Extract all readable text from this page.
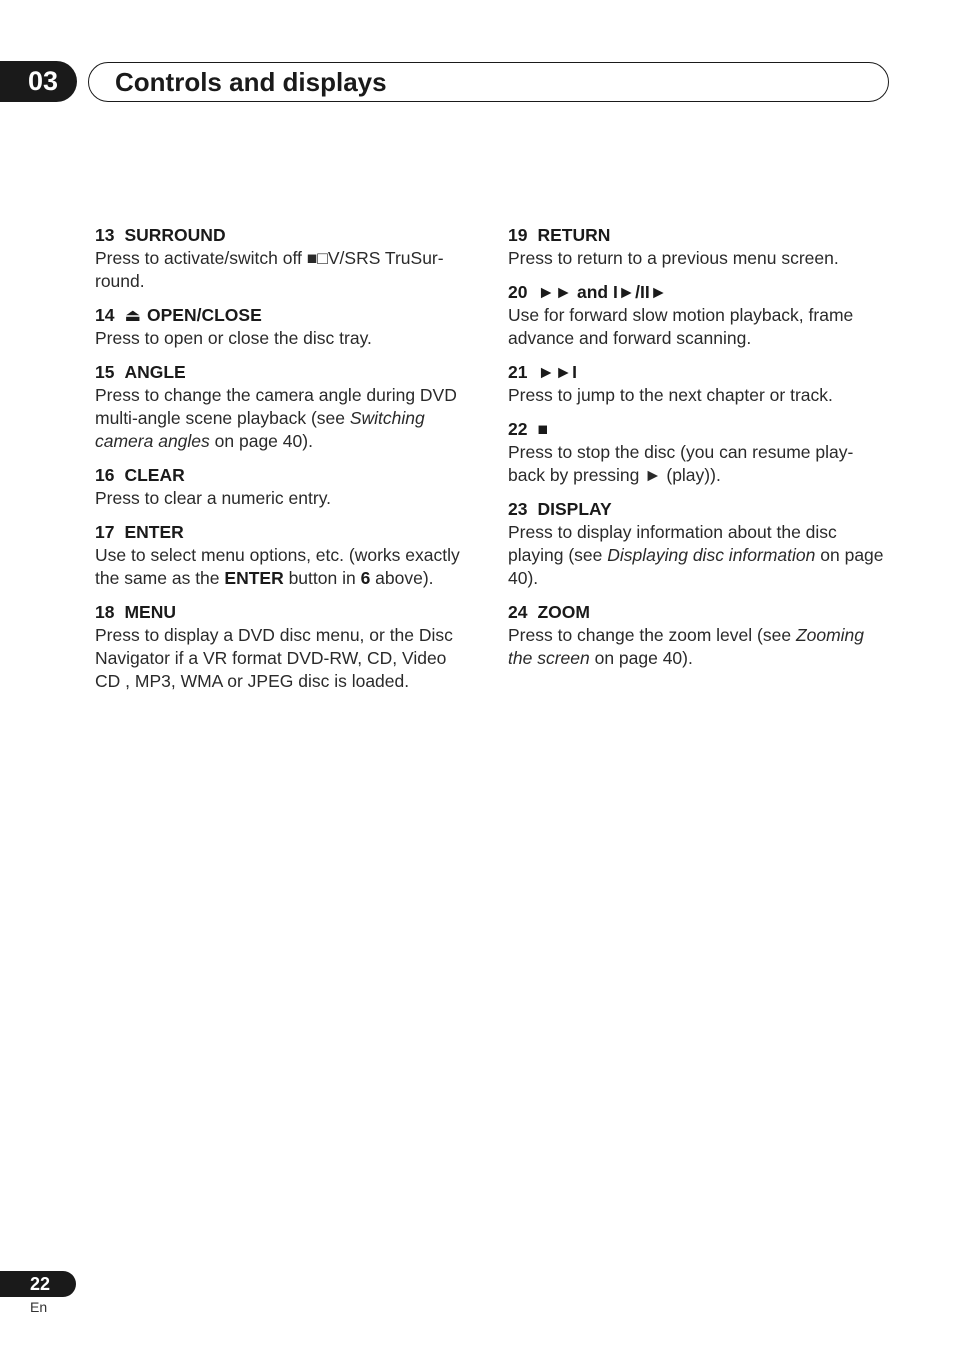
03	Controls and displays
13 SURROUND
Press to activate/switch off ■□V/SRS TruSur-round.
14 ⏏ OPEN/CLOSE
Press to open or close the disc tray.
15 ANGLE
Press to change the camera angle during DVD multi-angle scene playback (see Switching camera angles on page 40).
16 CLEAR
Press to clear a numeric entry.
17 ENTER
Use to select menu options, etc. (works exactly the same as the ENTER button in 6 above).
18 MENU
Press to display a DVD disc menu, or the Disc Navigator if a VR format DVD-RW, CD, Video CD , MP3, WMA or JPEG disc is loaded.
19 RETURN
Press to return to a previous menu screen.
20 ►► and I►/II►
Use for forward slow motion playback, frame advance and forward scanning.
21 ►►I
Press to jump to the next chapter or track.
22 ■
Press to stop the disc (you can resume play-back by pressing ► (play)).
23 DISPLAY
Press to display information about the disc playing (see Displaying disc information on page 40).
24 ZOOM
Press to change the zoom level (see Zooming the screen on page 40).
22
En
